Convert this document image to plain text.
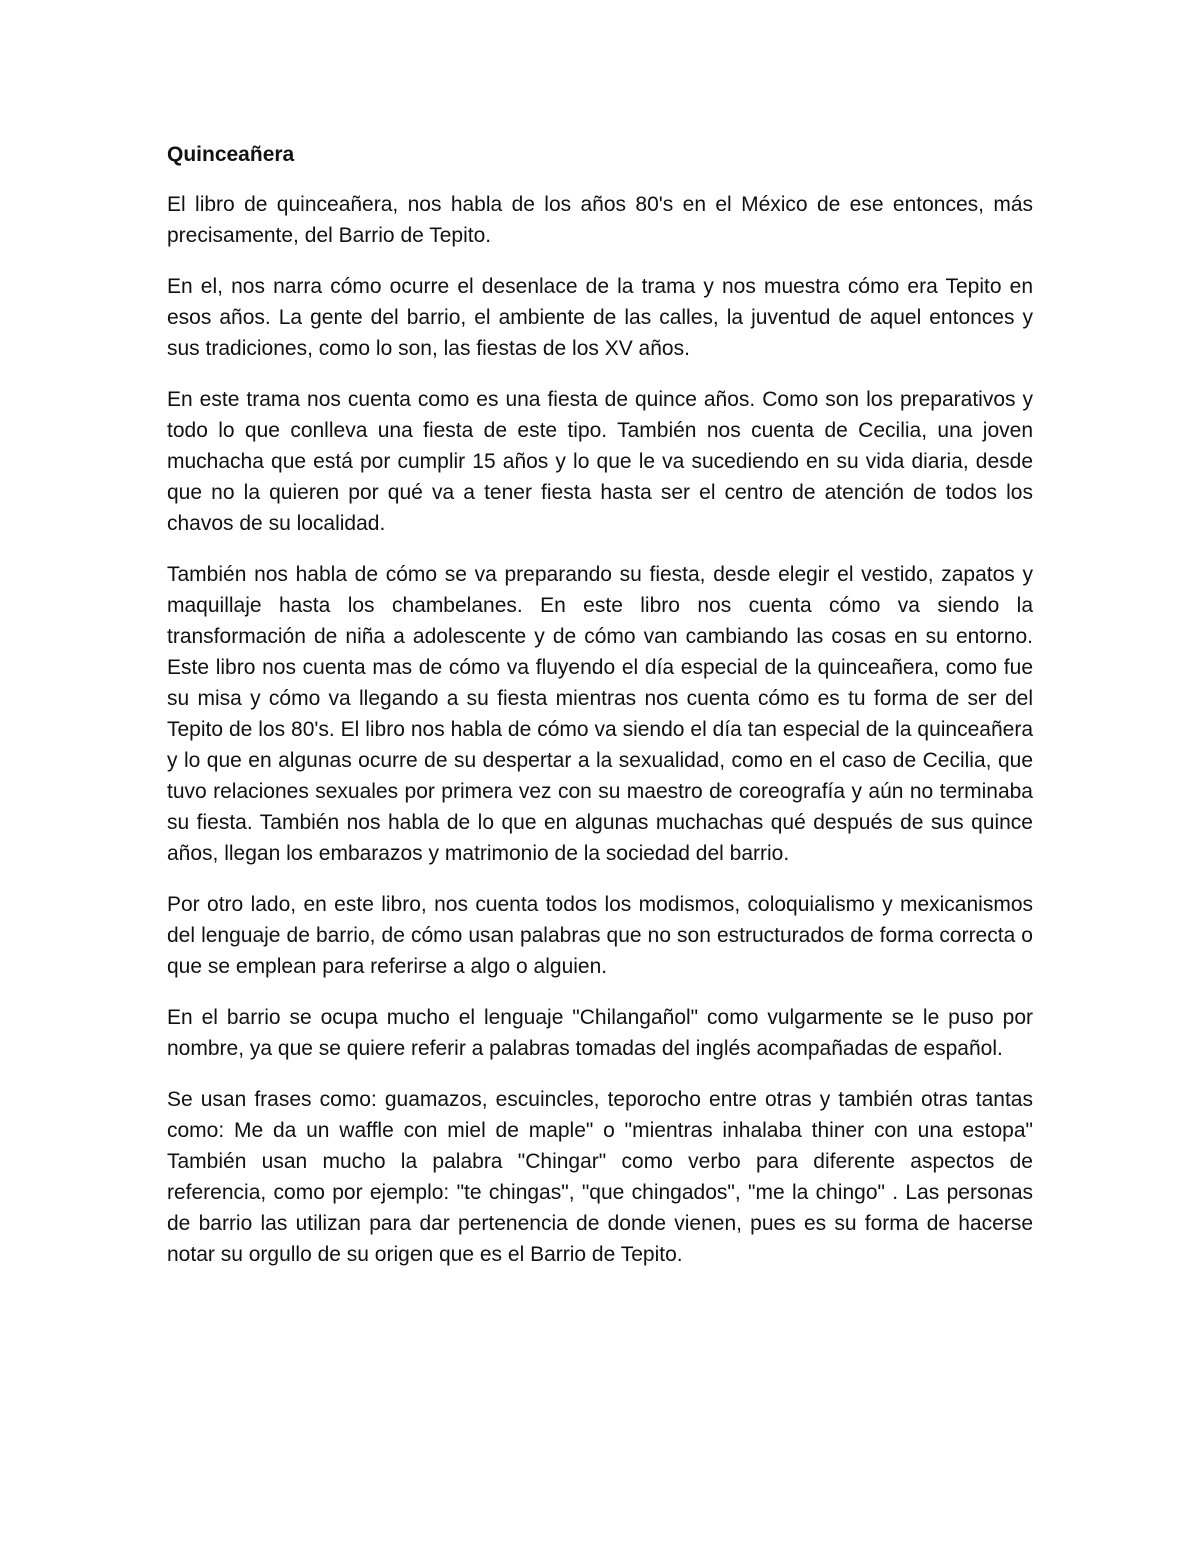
Quinceañera

El libro de quinceañera, nos habla de los años 80's en el México de ese entonces, más precisamente, del Barrio de Tepito.

En el, nos narra cómo ocurre el desenlace de la trama y nos muestra cómo era Tepito en esos años. La gente del barrio, el ambiente de las calles, la juventud de aquel entonces y sus tradiciones, como lo son, las fiestas de los XV años.

En este trama nos cuenta como es una fiesta de quince años. Como son los preparativos y todo lo que conlleva una fiesta de este tipo. También nos cuenta de Cecilia, una joven muchacha que está por cumplir 15 años y lo que le va sucediendo en su vida diaria, desde que no la quieren por qué va a tener fiesta hasta ser el centro de atención de todos los chavos de su localidad.

También nos habla de cómo se va preparando su fiesta, desde elegir el vestido, zapatos y maquillaje hasta los chambelanes. En este libro nos cuenta cómo va siendo la transformación de niña a adolescente y de cómo van cambiando las cosas en su entorno. Este libro nos cuenta mas de cómo va fluyendo el día especial de la quinceañera, como fue su misa y cómo va llegando a su fiesta mientras nos cuenta cómo es tu forma de ser del Tepito de los 80's. El libro nos habla de cómo va siendo el día tan especial de la quinceañera y lo que en algunas ocurre de su despertar a la sexualidad, como en el caso de Cecilia, que tuvo relaciones sexuales por primera vez con su maestro de coreografía y aún no terminaba su fiesta. También nos habla de lo que en algunas muchachas qué después de sus quince años, llegan los embarazos y matrimonio de la sociedad del barrio.

Por otro lado, en este libro, nos cuenta todos los modismos, coloquialismo y mexicanismos del lenguaje de barrio, de cómo usan palabras que no son estructurados de forma correcta o que se emplean para referirse a algo o alguien.

En el barrio se ocupa mucho el lenguaje "Chilangañol" como vulgarmente se le puso por nombre, ya que se quiere referir a palabras tomadas del inglés acompañadas de español.

Se usan frases como: guamazos, escuincles, teporocho entre otras y también otras tantas como: Me da un waffle con miel de maple" o "mientras inhalaba thiner con una estopa" También usan mucho la palabra "Chingar" como verbo para diferente aspectos de referencia, como por ejemplo: "te chingas", "que chingados", "me la chingo" . Las personas de barrio las utilizan para dar pertenencia de donde vienen, pues es su forma de hacerse notar su orgullo de su origen que es el Barrio de Tepito.
